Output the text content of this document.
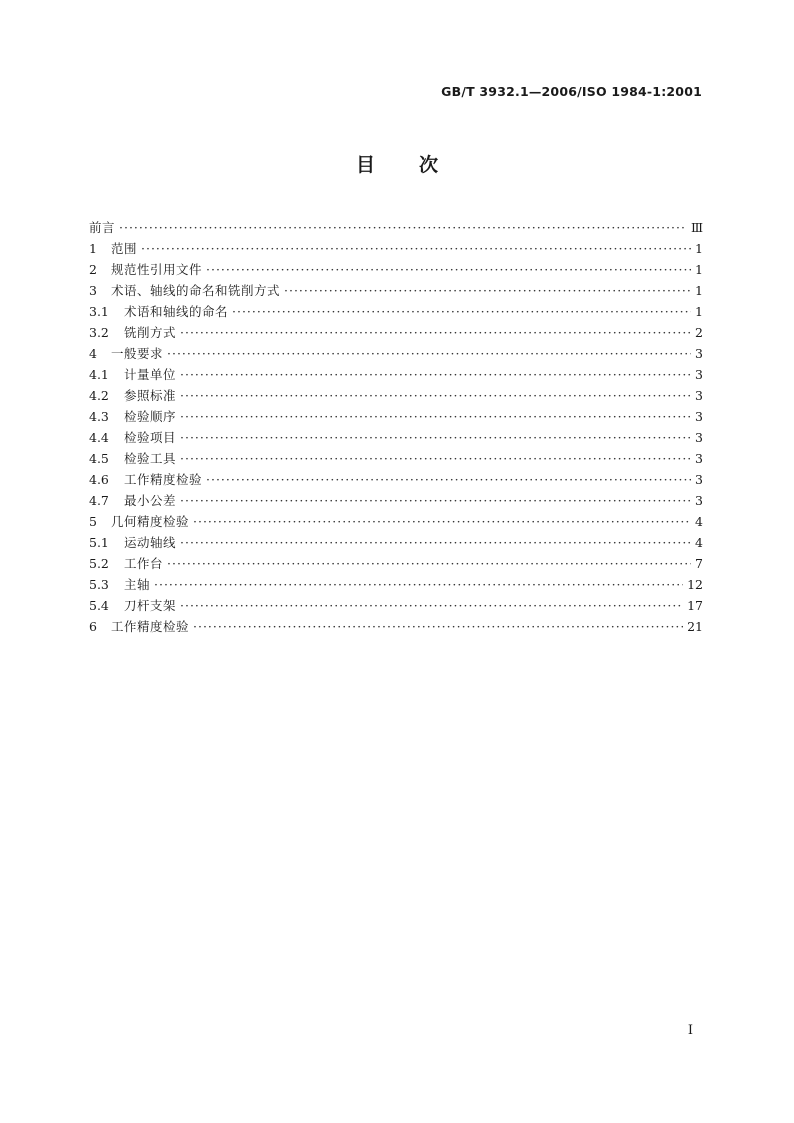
GB/T 3932.1—2006/ISO 1984-1:2001
目 次
前言 ·····	Ⅲ
1	范围 ·····	1
2	规范性引用文件 ·····	1
3	术语、轴线的命名和铣削方式 ·····	1
3.1	术语和轴线的命名 ·····	1
3.2	铣削方式 ·····	2
4	一般要求 ·····	3
4.1	计量单位 ·····	3
4.2	参照标准 ·····	3
4.3	检验顺序 ·····	3
4.4	检验项目 ·····	3
4.5	检验工具 ·····	3
4.6	工作精度检验 ·····	3
4.7	最小公差 ·····	3
5	几何精度检验 ·····	4
5.1	运动轴线 ·····	4
5.2	工作台 ·····	7
5.3	主轴 ·····	12
5.4	刀杆支架 ·····	17
6	工作精度检验 ·····	21
I
